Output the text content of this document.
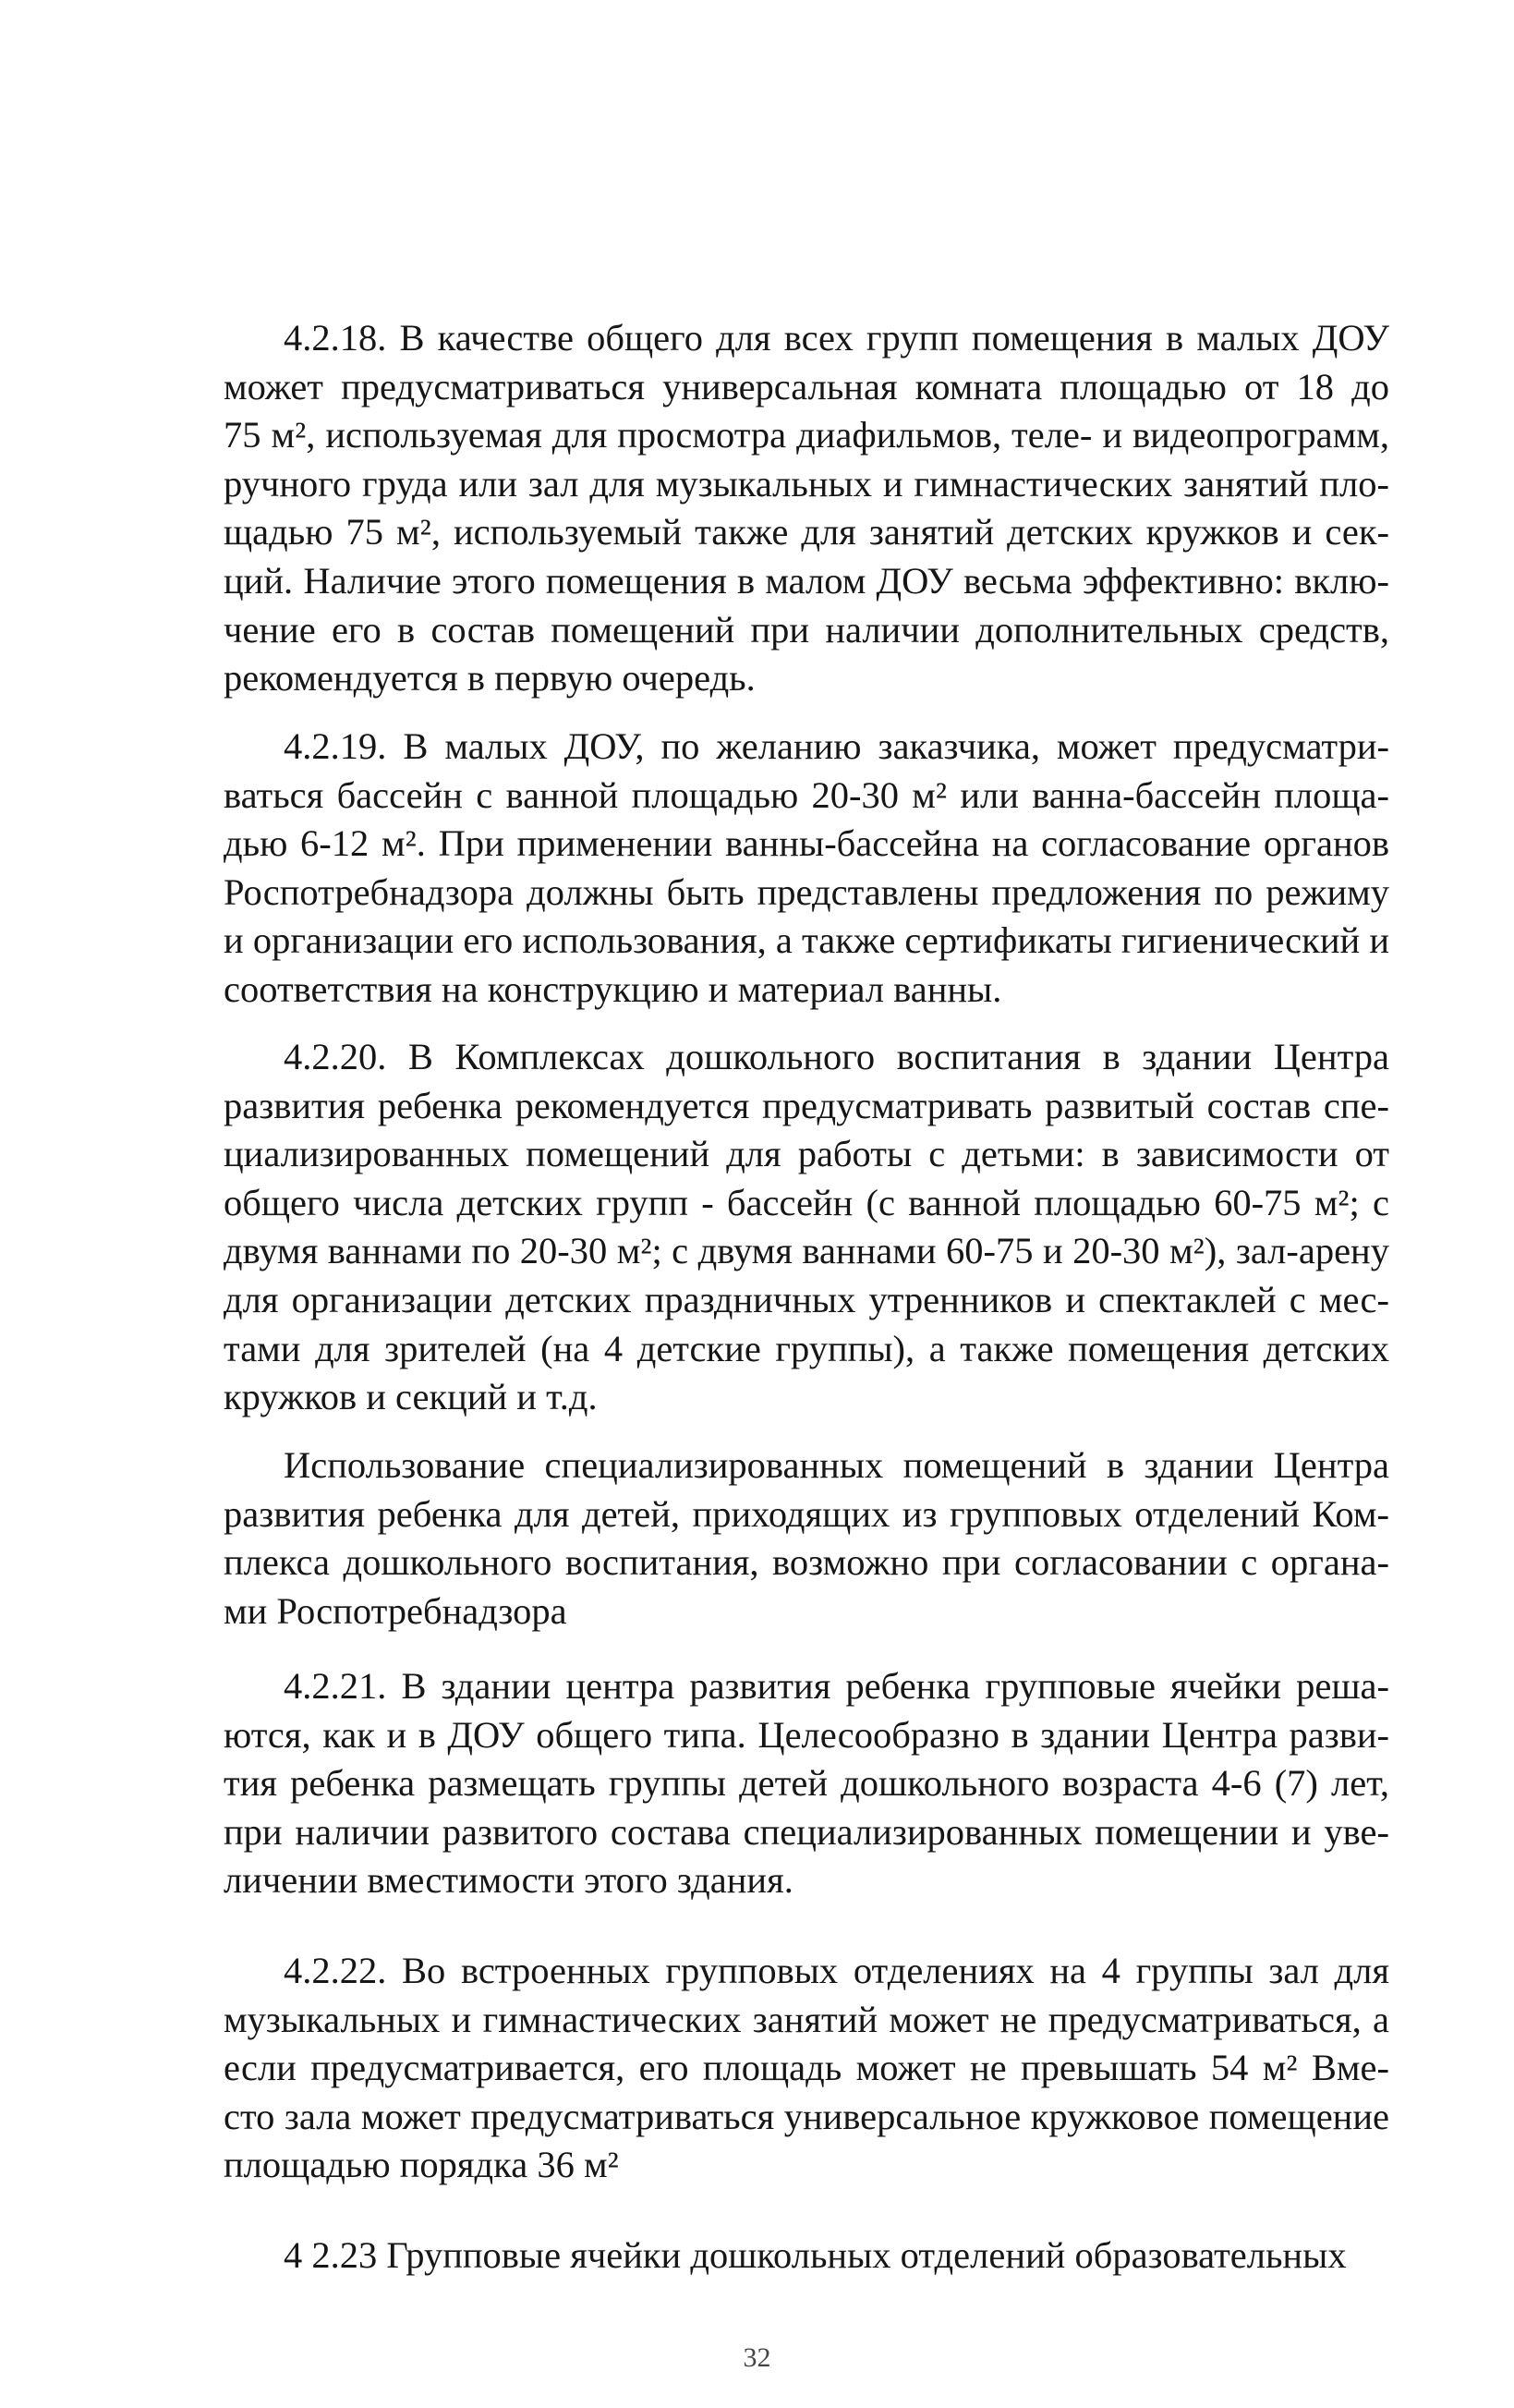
4.2.18. В качестве общего для всех групп помещения в малых ДОУ
может предусматриваться универсальная комната площадью от 18 до
75 м², используемая для просмотра диафильмов, теле- и видеопрограмм,
ручного груда или зал для музыкальных и гимнастических занятий пло-
щадью 75 м², используемый также для занятий детских кружков и сек-
ций. Наличие этого помещения в малом ДОУ весьма эффективно: вклю-
чение его в состав помещений при наличии дополнительных средств,
рекомендуется в первую очередь.
4.2.19. В малых ДОУ, по желанию заказчика, может предусматри-
ваться бассейн с ванной площадью 20-30 м² или ванна-бассейн площа-
дью 6-12 м². При применении ванны-бассейна на согласование органов
Роспотребнадзора должны быть представлены предложения по режиму
и организации его использования, а также сертификаты гигиенический и
соответствия на конструкцию и материал ванны.
4.2.20. В Комплексах дошкольного воспитания в здании Центра
развития ребенка рекомендуется предусматривать развитый состав спе-
циализированных помещений для работы с детьми: в зависимости от
общего числа детских групп - бассейн (с ванной площадью 60-75 м²; с
двумя ваннами по 20-30 м²; с двумя ваннами 60-75 и 20-30 м²), зал-арену
для организации детских праздничных утренников и спектаклей с мес-
тами для зрителей (на 4 детские группы), а также помещения детских
кружков и секций и т.д.
Использование специализированных помещений в здании Центра
развития ребенка для детей, приходящих из групповых отделений Ком-
плекса дошкольного воспитания, возможно при согласовании с органа-
ми Роспотребнадзора
4.2.21. В здании центра развития ребенка групповые ячейки реша-
ются, как и в ДОУ общего типа. Целесообразно в здании Центра разви-
тия ребенка размещать группы детей дошкольного возраста 4-6 (7) лет,
при наличии развитого состава специализированных помещении и уве-
личении вместимости этого здания.
4.2.22. Во встроенных групповых отделениях на 4 группы зал для
музыкальных и гимнастических занятий может не предусматриваться, а
если предусматривается, его площадь может не превышать 54 м² Вме-
сто зала может предусматриваться универсальное кружковое помещение
площадью порядка 36 м²
4 2.23 Групповые ячейки дошкольных отделений образовательных
32
